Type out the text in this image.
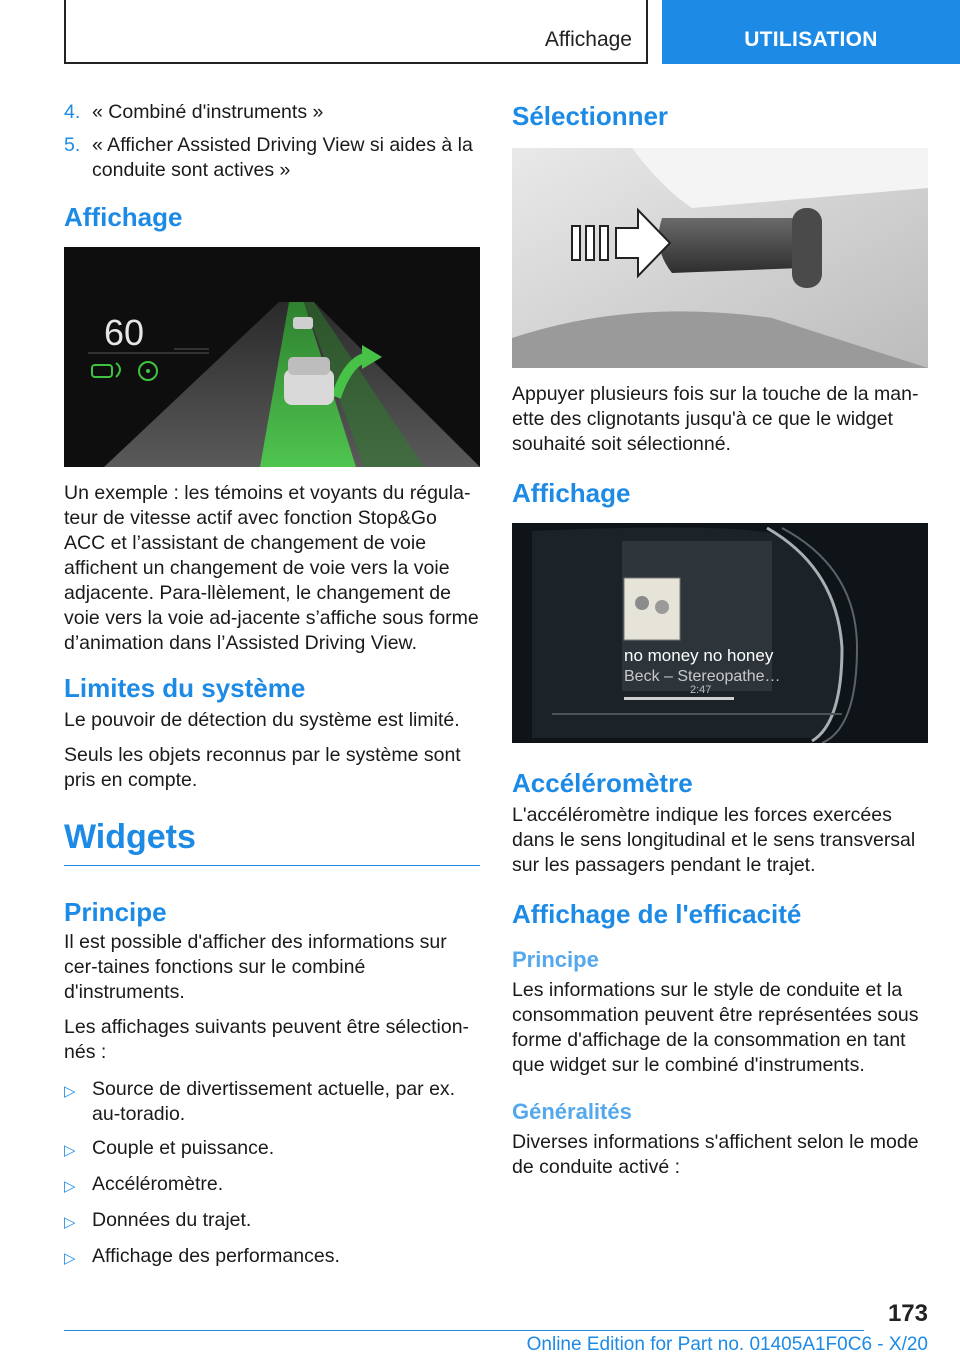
Affichage	UTILISATION
4. « Combiné d'instruments »
5. « Afficher Assisted Driving View si aides à la conduite sont actives »
Affichage
60

Un exemple : les témoins et voyants du régula-teur de vitesse actif avec fonction Stop&Go ACC et l’assistant de changement de voie affichent un changement de voie vers la voie adjacente. Para-llèlement, le changement de voie vers la voie ad-jacente s’affiche sous forme d’animation dans l’Assisted Driving View.

Limites du système

Le pouvoir de détection du système est limité.

Seuls les objets reconnus par le système sont pris en compte.

Widgets
Principe

Il est possible d'afficher des informations sur cer-taines fonctions sur le combiné d'instruments.

Les affichages suivants peuvent être sélection-nés :

▷ Source de divertissement actuelle, par ex. au-toradio.
▷ Couple et puissance.
▷ Accéléromètre.
▷ Données du trajet.
▷ Affichage des performances.
Sélectionner

Appuyer plusieurs fois sur la touche de la man-ette des clignotants jusqu'à ce que le widget souhaité soit sélectionné.

Affichage
no money no honey
Beck – Stereopathe…
2:47
Accéléromètre

L'accéléromètre indique les forces exercées dans le sens longitudinal et le sens transversal sur les passagers pendant le trajet.

Affichage de l'efficacité
Principe

Les informations sur le style de conduite et la consommation peuvent être représentées sous forme d'affichage de la consommation en tant que widget sur le combiné d'instruments.

Généralités

Diverses informations s'affichent selon le mode de conduite activé :

173
Online Edition for Part no. 01405A1F0C6 - X/20
